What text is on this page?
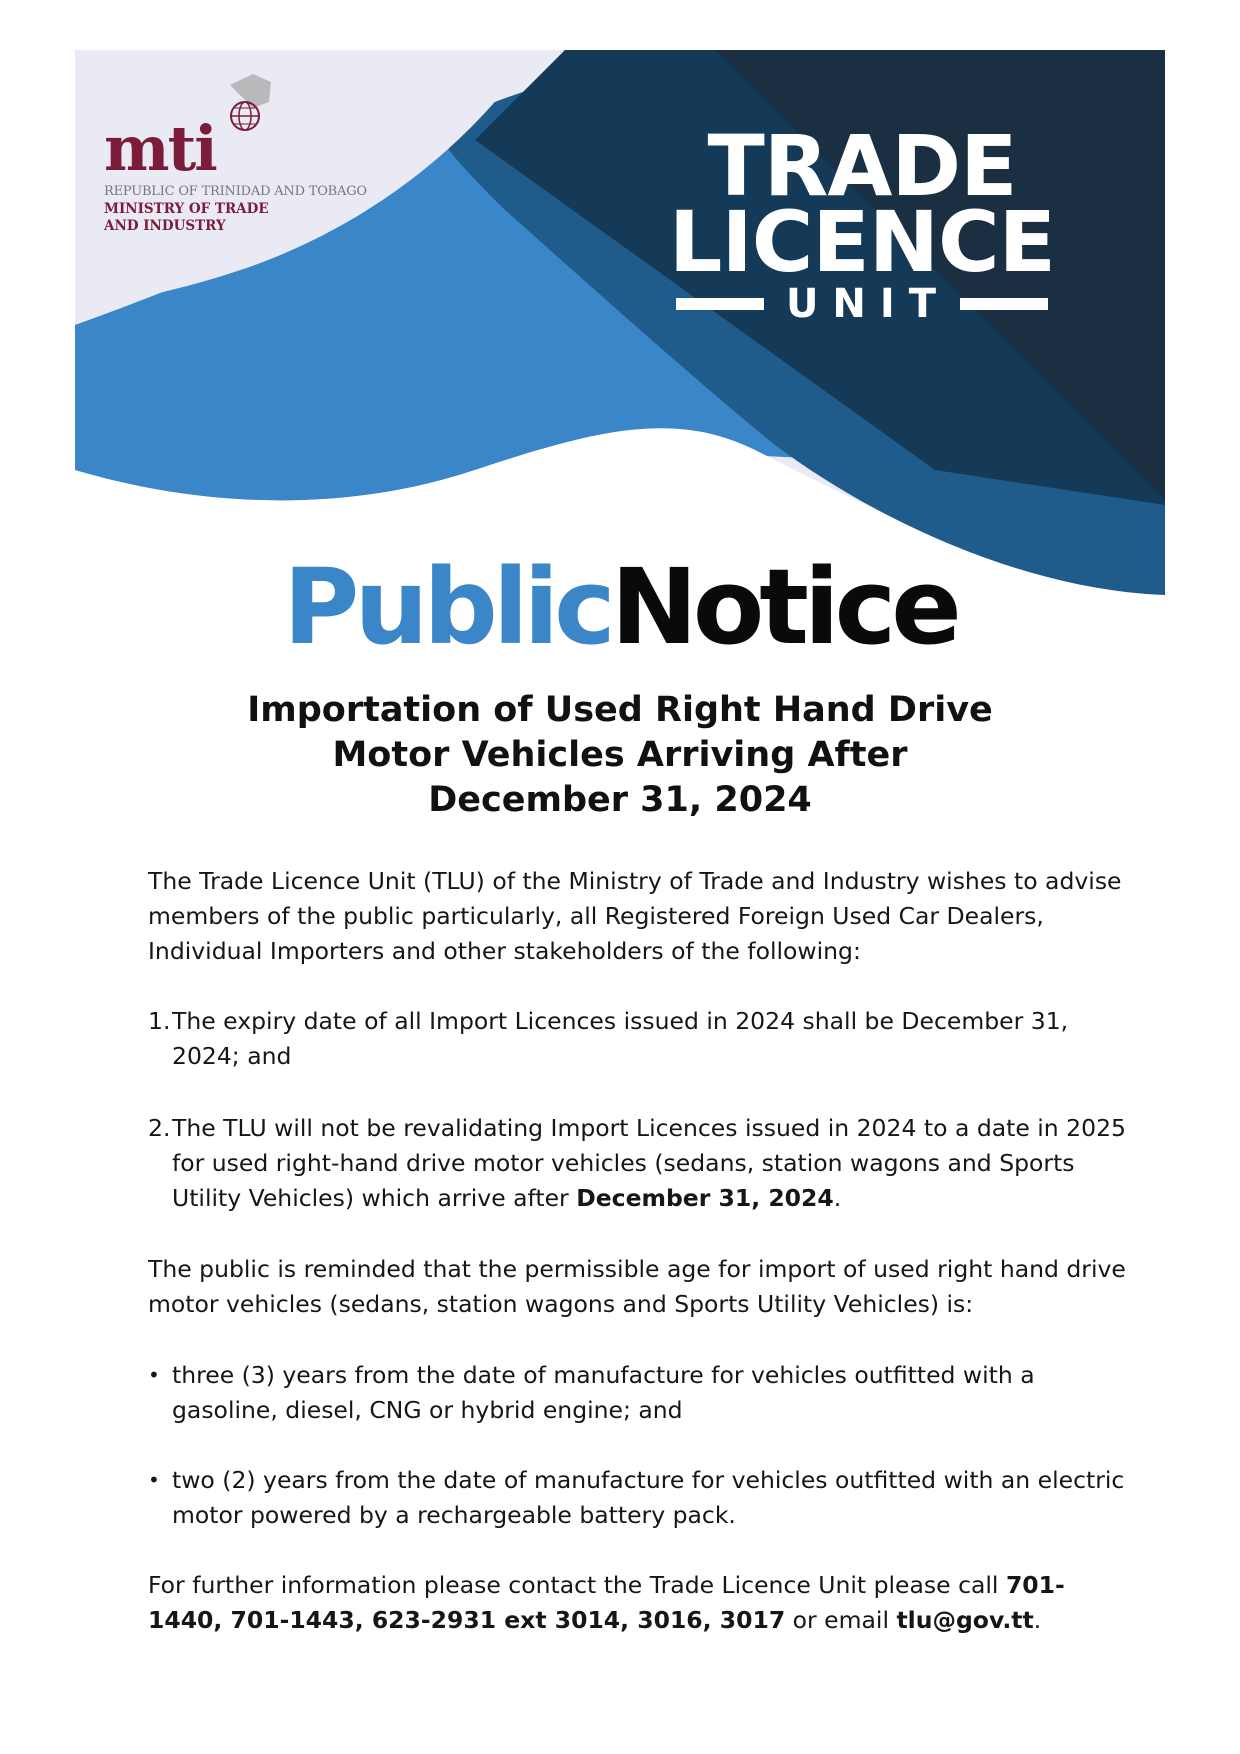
mti
REPUBLIC OF TRINIDAD AND TOBAGO
MINISTRY OF TRADE
AND INDUSTRY
TRADE
LICENCE
UNIT
PublicNotice
Importation of Used Right Hand Drive
Motor Vehicles Arriving After
December 31, 2024

The Trade Licence Unit (TLU) of the Ministry of Trade and Industry wishes to advise members of the public particularly, all Registered Foreign Used Car Dealers, Individual Importers and other stakeholders of the following:

1. The expiry date of all Import Licences issued in 2024 shall be December 31, 2024; and
2. The TLU will not be revalidating Import Licences issued in 2024 to a date in 2025 for used right-hand drive motor vehicles (sedans, station wagons and Sports Utility Vehicles) which arrive after December 31, 2024.

The public is reminded that the permissible age for import of used right hand drive motor vehicles (sedans, station wagons and Sports Utility Vehicles) is:

• three (3) years from the date of manufacture for vehicles outfitted with a gasoline, diesel, CNG or hybrid engine; and
• two (2) years from the date of manufacture for vehicles outfitted with an electric motor powered by a rechargeable battery pack.

For further information please contact the Trade Licence Unit please call 701-1440, 701-1443, 623-2931 ext 3014, 3016, 3017 or email tlu@gov.tt.
